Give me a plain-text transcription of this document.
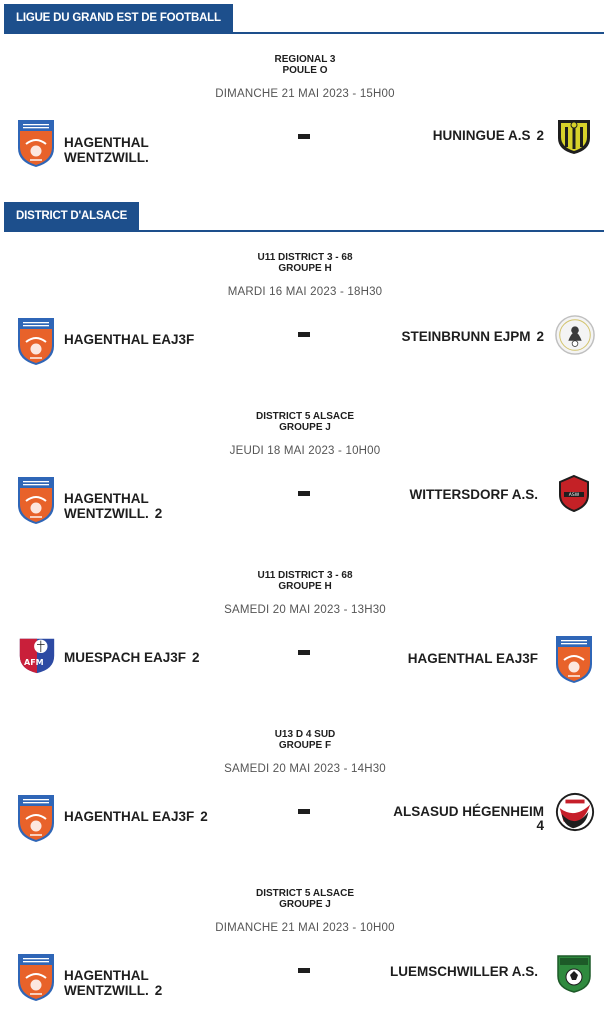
LIGUE DU GRAND EST DE FOOTBALL
REGIONAL 3
POULE O
DIMANCHE 21 MAI 2023 - 15H00
HAGENTHAL
WENTZWILL.
HUNINGUE A.S 2
DISTRICT D'ALSACE
U11 DISTRICT 3 - 68
GROUPE H
MARDI 16 MAI 2023 - 18H30
HAGENTHAL EAJ3F	STEINBRUNN EJPM 2
DISTRICT 5 ALSACE
GROUPE J
JEUDI 18 MAI 2023 - 10H00
HAGENTHAL
WENTZWILL. 2
WITTERSDORF A.S.
U11 DISTRICT 3 - 68
GROUPE H
SAMEDI 20 MAI 2023 - 13H30
AFM MUESPACH EAJ3F 2	HAGENTHAL EAJ3F
U13 D 4 SUD
GROUPE F
SAMEDI 20 MAI 2023 - 14H30
HAGENTHAL EAJ3F 2	ALSASUD HÉGENHEIM
4
DISTRICT 5 ALSACE
GROUPE J
DIMANCHE 21 MAI 2023 - 10H00
HAGENTHAL
WENTZWILL. 2
LUEMSCHWILLER A.S.
